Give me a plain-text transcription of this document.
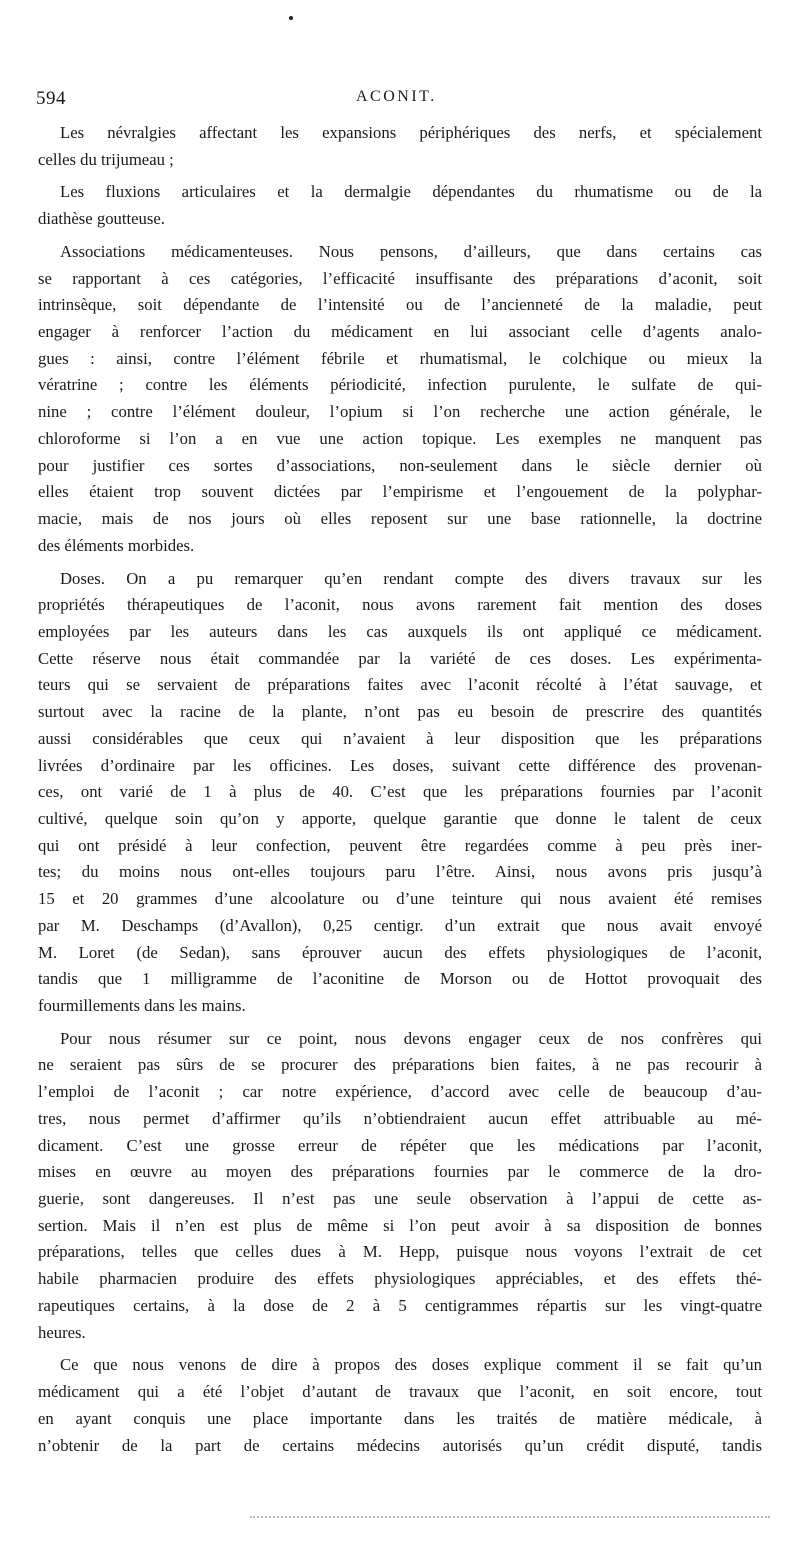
594	ACONIT.
Les névralgies affectant les expansions périphériques des nerfs, et spécialement
celles du trijumeau ;
Les fluxions articulaires et la dermalgie dépendantes du rhumatisme ou de la
diathèse goutteuse.
Associations médicamenteuses. Nous pensons, d’ailleurs, que dans certains cas
se rapportant à ces catégories, l’efficacité insuffisante des préparations d’aconit, soit
intrinsèque, soit dépendante de l’intensité ou de l’ancienneté de la maladie, peut
engager à renforcer l’action du médicament en lui associant celle d’agents analo-
gues : ainsi, contre l’élément fébrile et rhumatismal, le colchique ou mieux la
vératrine ; contre les éléments périodicité, infection purulente, le sulfate de qui-
nine ; contre l’élément douleur, l’opium si l’on recherche une action générale, le
chloroforme si l’on a en vue une action topique. Les exemples ne manquent pas
pour justifier ces sortes d’associations, non-seulement dans le siècle dernier où
elles étaient trop souvent dictées par l’empirisme et l’engouement de la polyphar-
macie, mais de nos jours où elles reposent sur une base rationnelle, la doctrine
des éléments morbides.
Doses. On a pu remarquer qu’en rendant compte des divers travaux sur les
propriétés thérapeutiques de l’aconit, nous avons rarement fait mention des doses
employées par les auteurs dans les cas auxquels ils ont appliqué ce médicament.
Cette réserve nous était commandée par la variété de ces doses. Les expérimenta-
teurs qui se servaient de préparations faites avec l’aconit récolté à l’état sauvage, et
surtout avec la racine de la plante, n’ont pas eu besoin de prescrire des quantités
aussi considérables que ceux qui n’avaient à leur disposition que les préparations
livrées d’ordinaire par les officines. Les doses, suivant cette différence des provenan-
ces, ont varié de 1 à plus de 40. C’est que les préparations fournies par l’aconit
cultivé, quelque soin qu’on y apporte, quelque garantie que donne le talent de ceux
qui ont présidé à leur confection, peuvent être regardées comme à peu près iner-
tes; du moins nous ont-elles toujours paru l’être. Ainsi, nous avons pris jusqu’à
15 et 20 grammes d’une alcoolature ou d’une teinture qui nous avaient été remises
par M. Deschamps (d’Avallon), 0,25 centigr. d’un extrait que nous avait envoyé
M. Loret (de Sedan), sans éprouver aucun des effets physiologiques de l’aconit,
tandis que 1 milligramme de l’aconitine de Morson ou de Hottot provoquait des
fourmillements dans les mains.
Pour nous résumer sur ce point, nous devons engager ceux de nos confrères qui
ne seraient pas sûrs de se procurer des préparations bien faites, à ne pas recourir à
l’emploi de l’aconit ; car notre expérience, d’accord avec celle de beaucoup d’au-
tres, nous permet d’affirmer qu’ils n’obtiendraient aucun effet attribuable au mé-
dicament. C’est une grosse erreur de répéter que les médications par l’aconit,
mises en œuvre au moyen des préparations fournies par le commerce de la dro-
guerie, sont dangereuses. Il n’est pas une seule observation à l’appui de cette as-
sertion. Mais il n’en est plus de même si l’on peut avoir à sa disposition de bonnes
préparations, telles que celles dues à M. Hepp, puisque nous voyons l’extrait de cet
habile pharmacien produire des effets physiologiques appréciables, et des effets thé-
rapeutiques certains, à la dose de 2 à 5 centigrammes répartis sur les vingt-quatre
heures.
Ce que nous venons de dire à propos des doses explique comment il se fait qu’un
médicament qui a été l’objet d’autant de travaux que l’aconit, en soit encore, tout
en ayant conquis une place importante dans les traités de matière médicale, à
n’obtenir de la part de certains médecins autorisés qu’un crédit disputé, tandis
